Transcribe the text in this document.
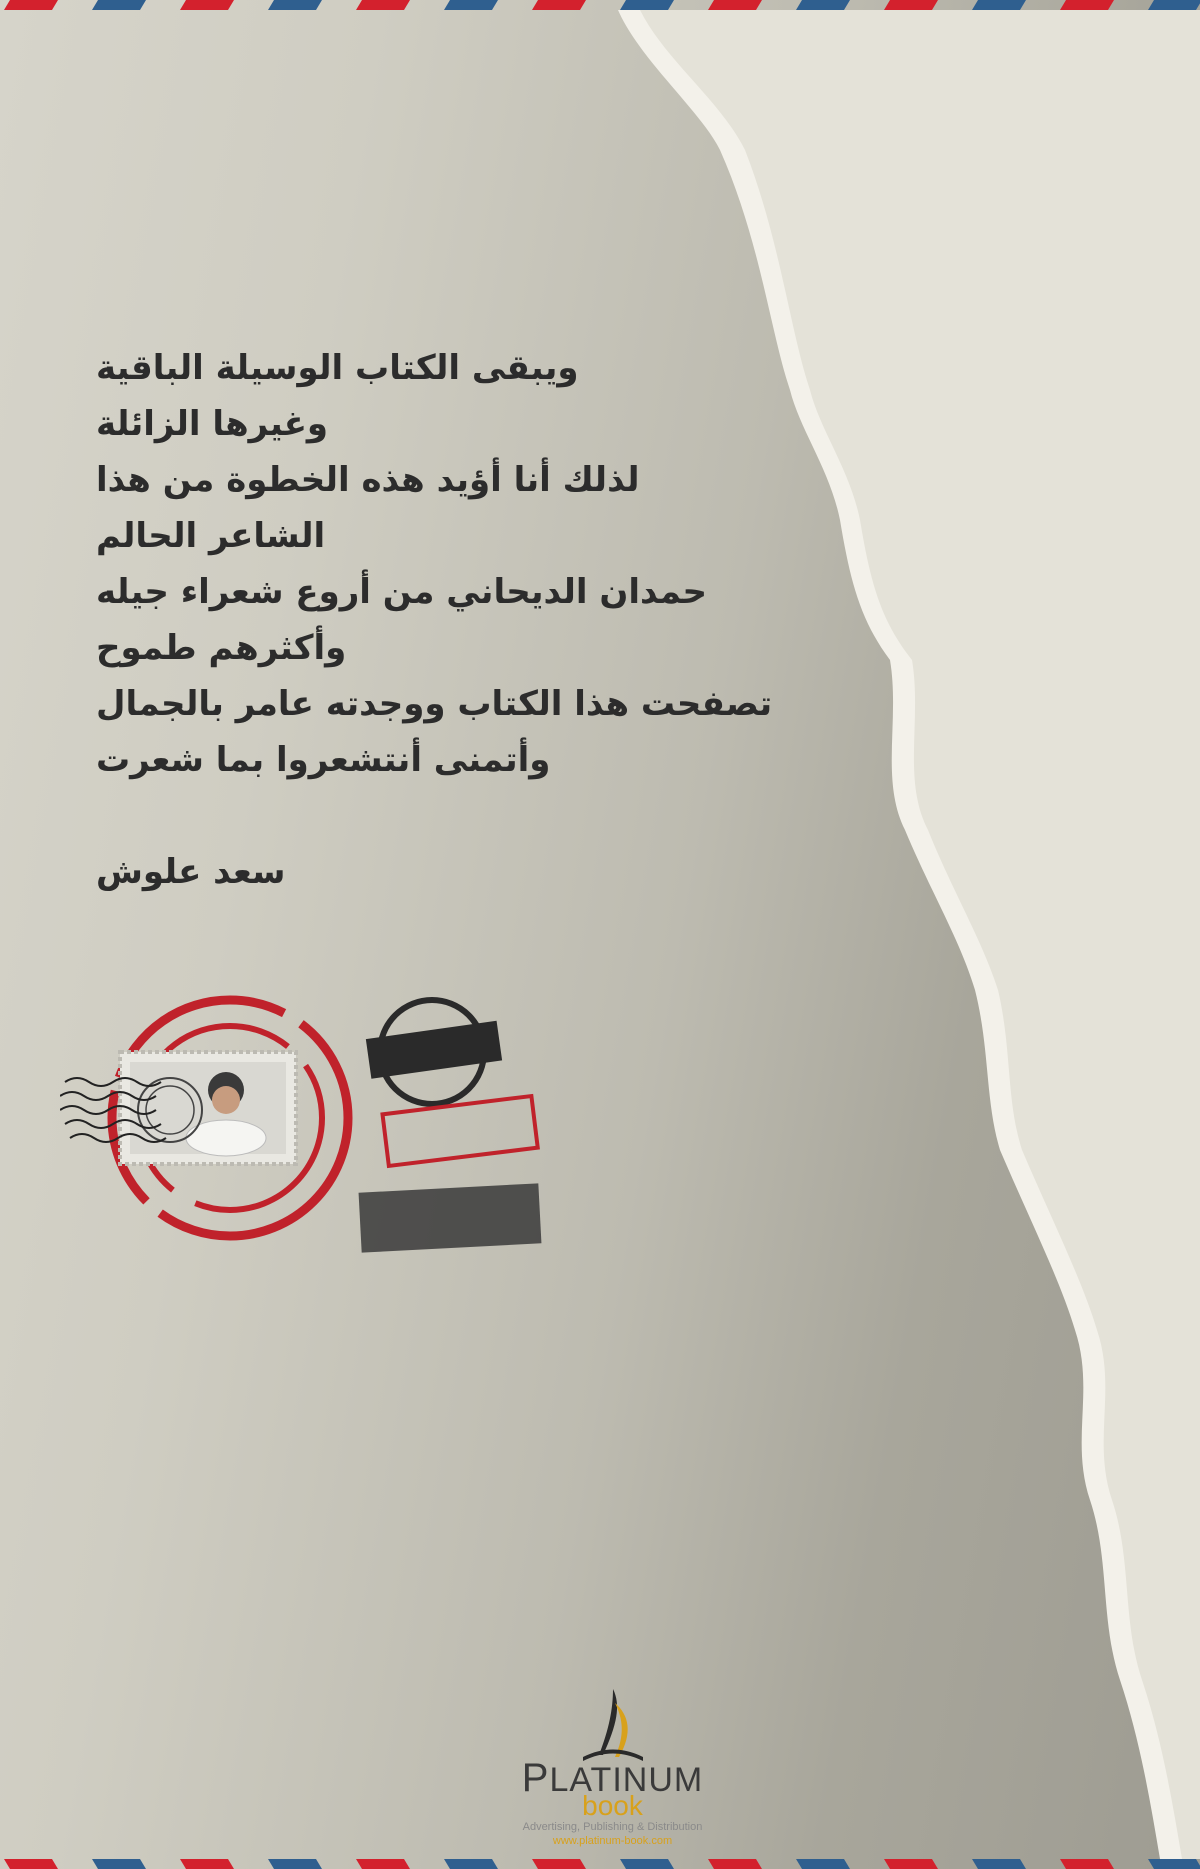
ويبقى الكتاب الوسيلة الباقية
وغيرها الزائلة
لذلك أنا أؤيد هذه الخطوة من هذا
الشاعر الحالم
حمدان الديحاني من أروع شعراء جيله
وأكثرهم طموح
تصفحت هذا الكتاب ووجدته عامر بالجمال
وأتمنى أنتشعروا بما شعرت
سعد علوش
PLATINUM
book
Advertising, Publishing & Distribution
www.platinum-book.com
